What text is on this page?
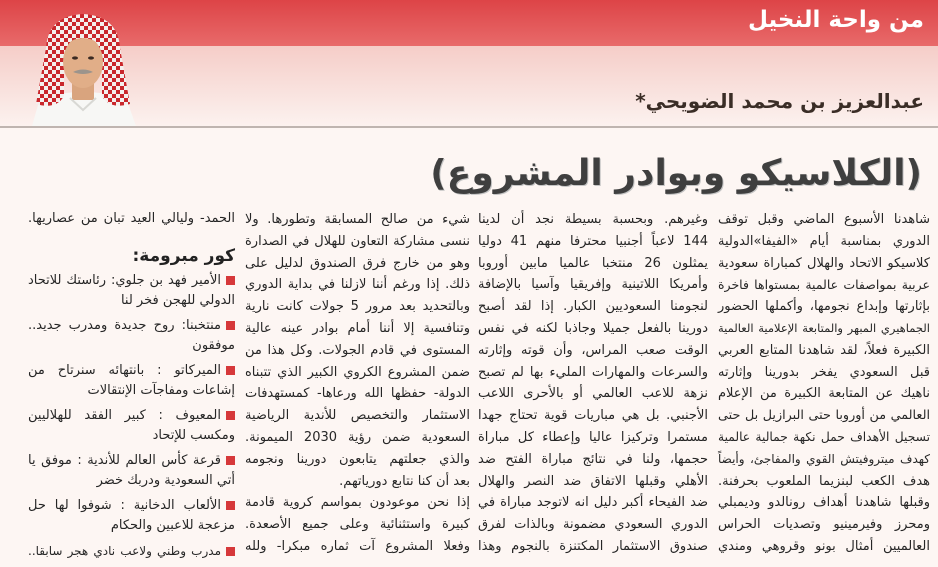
من واحة النخيل
عبدالعزيز بن محمد الضويحي*
(الكلاسيكو وبوادر المشروع)
شاهدنا الأسبوع الماضي وقبل توقف
الدوري بمناسبة أيام «الفيفا»الدولية
كلاسيكو الاتحاد والهلال كمباراة سعودية
عربية بمواصفات عالمية بمستواها فاخرة
بإثارتها وإبداع نجومها، وأكملها الحضور
الجماهيري المبهر والمتابعة الإعلامية العالمية
الكبيرة فعلاً، لقد شاهدنا المتابع العربي
قبل السعودي يفخر بدورينا وإثارته
ناهيك عن المتابعة الكبيرة من الإعلام
العالمي من أوروبا حتى البرازيل بل حتى
تسجيل الأهداف حمل نكهة جمالية عالمية
كهدف ميتروفيتش القوي والمفاجئ، وأيضاً
هدف الكعب لبنزيما الملعوب بحرفنة.
وقبلها شاهدنا أهداف رونالدو وديمبلي
ومحرز وفيرمينيو وتصديات الحراس
العالميين أمثال بونو وقروهي ومندي
وغيرهم. وبحسبة بسيطة نجد أن لدينا
144 لاعباً أجنبيا محترفا منهم 41 دوليا
يمثلون 26 منتخبا عالميا مابين أوروبا
وأمريكا اللاتينية وإفريقيا وآسيا بالإضافة
لنجومنا السعوديين الكبار. إذا لقد أصبح
دورينا بالفعل جميلا وجاذبا لكنه في نفس
الوقت صعب المراس، وأن قوته وإثارته
والسرعات والمهارات المليء بها لم تصبح
نزهة للاعب العالمي أو بالأحرى اللاعب
الأجنبي. بل هي مباريات قوية تحتاج جهدا
مستمرا وتركيزا عاليا وإعطاء كل مباراة
حجمها، ولنا في نتائج مباراة الفتح ضد
الأهلي وقبلها الاتفاق ضد النصر والهلال
ضد الفيحاء أكبر دليل انه لاتوجد مباراة في
الدوري السعودي مضمونة وبالذات لفرق
صندوق الاستثمار المكتنزة بالنجوم وهذا
شيء من صالح المسابقة وتطورها. ولا
ننسى مشاركة التعاون للهلال في الصدارة
وهو من خارج فرق الصندوق لدليل على
ذلك. إذا ورغم أننا لازلنا في بداية الدوري
وبالتحديد بعد مرور 5 جولات كانت نارية
وتنافسية إلا أننا أمام بوادر عينه عالية
المستوى في قادم الجولات. وكل هذا من
ضمن المشروع الكروي الكبير الذي تتبناه
الدولة- حفظها الله ورعاها- كمستهدفات
الاستثمار والتخصيص للأندية الرياضية
السعودية ضمن رؤية 2030 الميمونة.
والذي جعلتهم يتابعون دورينا ونجومه
بعد أن كنا نتابع دورياتهم.
إذا نحن موعودون بمواسم كروية قادمة
كبيرة واستثنائية وعلى جميع الأصعدة.
وفعلا المشروع آت ثماره مبكرا- ولله
الحمد- وليالي العيد تبان من عصاريها.
كور مبرومة:
الأمير فهد بن جلوي: رئاستك للاتحاد
الدولي للهجن فخر لنا
منتخبنا: روح جديدة ومدرب جديد..
موفقون
الميركاتو : بانتهائه سنرتاح من
إشاعات ومفاجآت الإنتقالات
المعيوف : كبير الفقد للهلاليين
ومكسب للإتحاد
قرعة كأس العالم للأندية : موفق يا
أتي السعودية ودربك خضر
الألعاب الدخانية : شوفوا لها حل
مزعجة للاعبين والحكام
مدرب وطني ولاعب نادي هجر سابقا..
